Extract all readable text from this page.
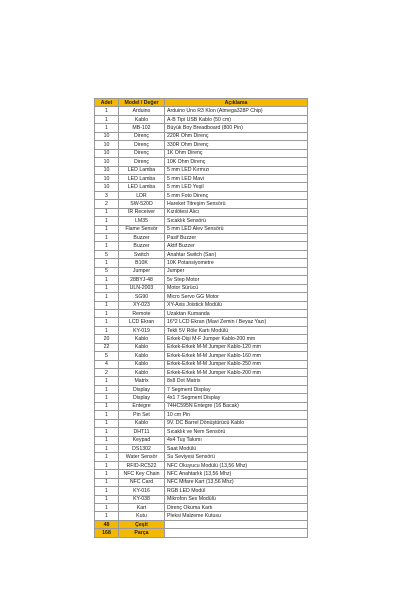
Adet	Model / Değer	Açıklama
1	Arduino	Arduino Uno R3 Klon (Atmega328P Chip)
1	Kablo	A-B Tipi USB Kablo (50 cm)
1	MB-102	Büyük Boy Breadboard (800 Pin)
10	Direnç	220R Ohm Direnç
10	Direnç	330R Ohm Direnç
10	Direnç	1K Ohm Direnç
10	Direnç	10K Ohm Direnç
10	LED Lamba	5 mm LED Kırmızı
10	LED Lamba	5 mm LED Mavi
10	LED Lamba	5 mm LED Yeşil
3	LDR	5 mm Foto Direnç
2	SW-520D	Hareket Titreşim Sensörü
1	IR Receiver	Kızılötesi Alıcı
1	LM35	Sıcaklık Sensörü
1	Flame Sensör	5 mm LED Alev Sensörü
1	Buzzer	Pasif Buzzer
1	Buzzer	Aktif Buzzer
5	Switch	Anahtar Switch (Sarı)
1	B10K	10K Potansiyometre
5	Jumper	Jumper
1	28BYJ-48	5v Step Motor
1	ULN-2003	Motor Sürücü
1	SG90	Micro Servo GG Motor
1	XY-023	XY-Axis Joistick Modülü
1	Remote	Uzaktan Kumanda
1	LCD Ekran	16*2 LCD Ekran (Mavi Zemin / Beyaz Yazı)
1	KY-019	Tekli 5V Röle Kartı Modülü
20	Kablo	Erkek-Dişi M-F Jumper Kablo-200 mm
22	Kablo	Erkek-Erkek M-M Jumper Kablo-120 mm
5	Kablo	Erkek-Erkek M-M Jumper Kablo-160 mm
4	Kablo	Erkek-Erkek M-M Jumper Kablo-250 mm
2	Kablo	Erkek-Erkek M-M Jumper Kablo-200 mm
1	Matrix	8x8 Dot Matrix
1	Display	7 Segment Display
1	Display	4x1 7 Segment Display
1	Entegre	74HC595N Entegre (16 Bacak)
1	Pin Set	10 cm Pin
1	Kablo	9V. DC Barrel Dönüştürücü Kablo
1	DHT11	Sıcaklık ve Nem Sensörü
1	Keypad	4x4 Tuş Takımı
1	DS1302	Saat Modülü
1	Water Sensör	Su Seviyesi Sensörü
1	RFID-RC522	NFC Okuyucu Modülü (13,56 Mhz)
1	NFC Key Chain	NFC Anahtarlık (13,56 Mhz)
1	NFC Card	NFC Mifare Kart (13,56 Mhz)
1	KY-016	RGB LED Modül
1	KY-038	Mikrofon Ses Modülü
1	Kart	Direnç Okuma Kartı
1	Kutu	Pleksi Malzeme Kutusu
48	Çeşit	
168	Parça	
